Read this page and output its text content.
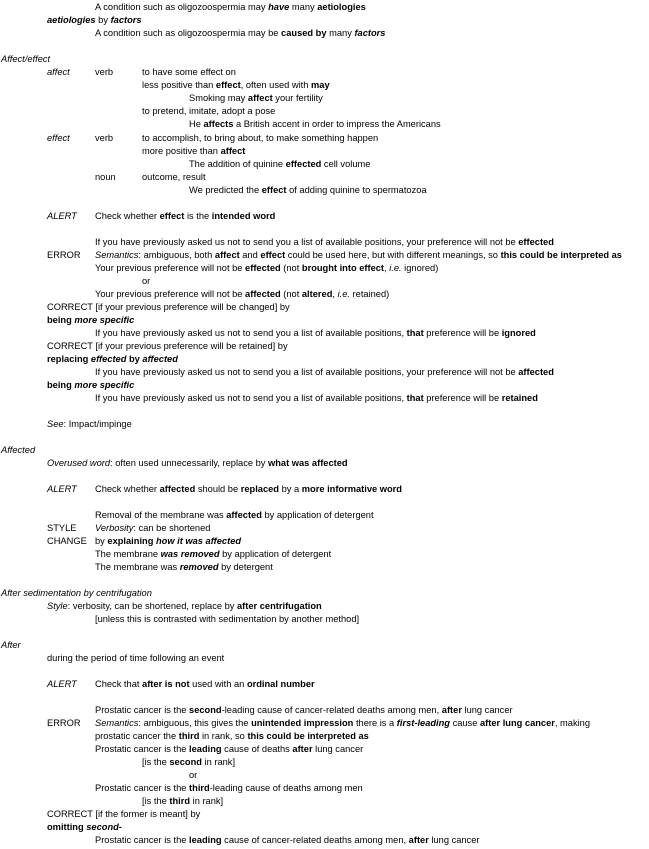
A condition such as oligozoospermia may have many aetiologies
aetiologies by factors
A condition such as oligozoospermia may be caused by many factors
Affect/effect
affect	verb	to have some effect on
less positive than effect, often used with may
Smoking may affect your fertility
to pretend, imitate, adopt a pose
He affects a British accent in order to impress the Americans
effect	verb	to accomplish, to bring about, to make something happen
more positive than affect
The addition of quinine effected cell volume
noun	outcome, result
We predicted the effect of adding quinine to spermatozoa
ALERT Check whether effect is the intended word
If you have previously asked us not to send you a list of available positions, your preference will not be effected
ERROR Semantics: ambiguous, both affect and effect could be used here, but with different meanings, so this could be interpreted as
Your previous preference will not be effected (not brought into effect, i.e. ignored)
or
Your previous preference will not be affected (not altered, i.e. retained)
CORRECT [if your previous preference will be changed] by
being more specific
If you have previously asked us not to send you a list of available positions, that preference will be ignored
CORRECT [if your previous preference will be retained] by
replacing effected by affected
If you have previously asked us not to send you a list of available positions, your preference will not be affected
being more specific
If you have previously asked us not to send you a list of available positions, that preference will be retained
See: Impact/impinge
Affected
Overused word: often used unnecessarily, replace by what was affected
ALERT Check whether affected should be replaced by a more informative word
Removal of the membrane was affected by application of detergent
STYLE Verbosity: can be shortened
CHANGE by explaining how it was affected
The membrane was removed by application of detergent
The membrane was removed by detergent
After sedimentation by centrifugation
Style: verbosity, can be shortened, replace by after centrifugation
[unless this is contrasted with sedimentation by another method]
After
during the period of time following an event
ALERT Check that after is not used with an ordinal number
Prostatic cancer is the second-leading cause of cancer-related deaths among men, after lung cancer
ERROR Semantics: ambiguous, this gives the unintended impression there is a first-leading cause after lung cancer, making
prostatic cancer the third in rank, so this could be interpreted as
Prostatic cancer is the leading cause of deaths after lung cancer
[is the second in rank]
or
Prostatic cancer is the third-leading cause of deaths among men
[is the third in rank]
CORRECT [if the former is meant] by
omitting second-
Prostatic cancer is the leading cause of cancer-related deaths among men, after lung cancer
